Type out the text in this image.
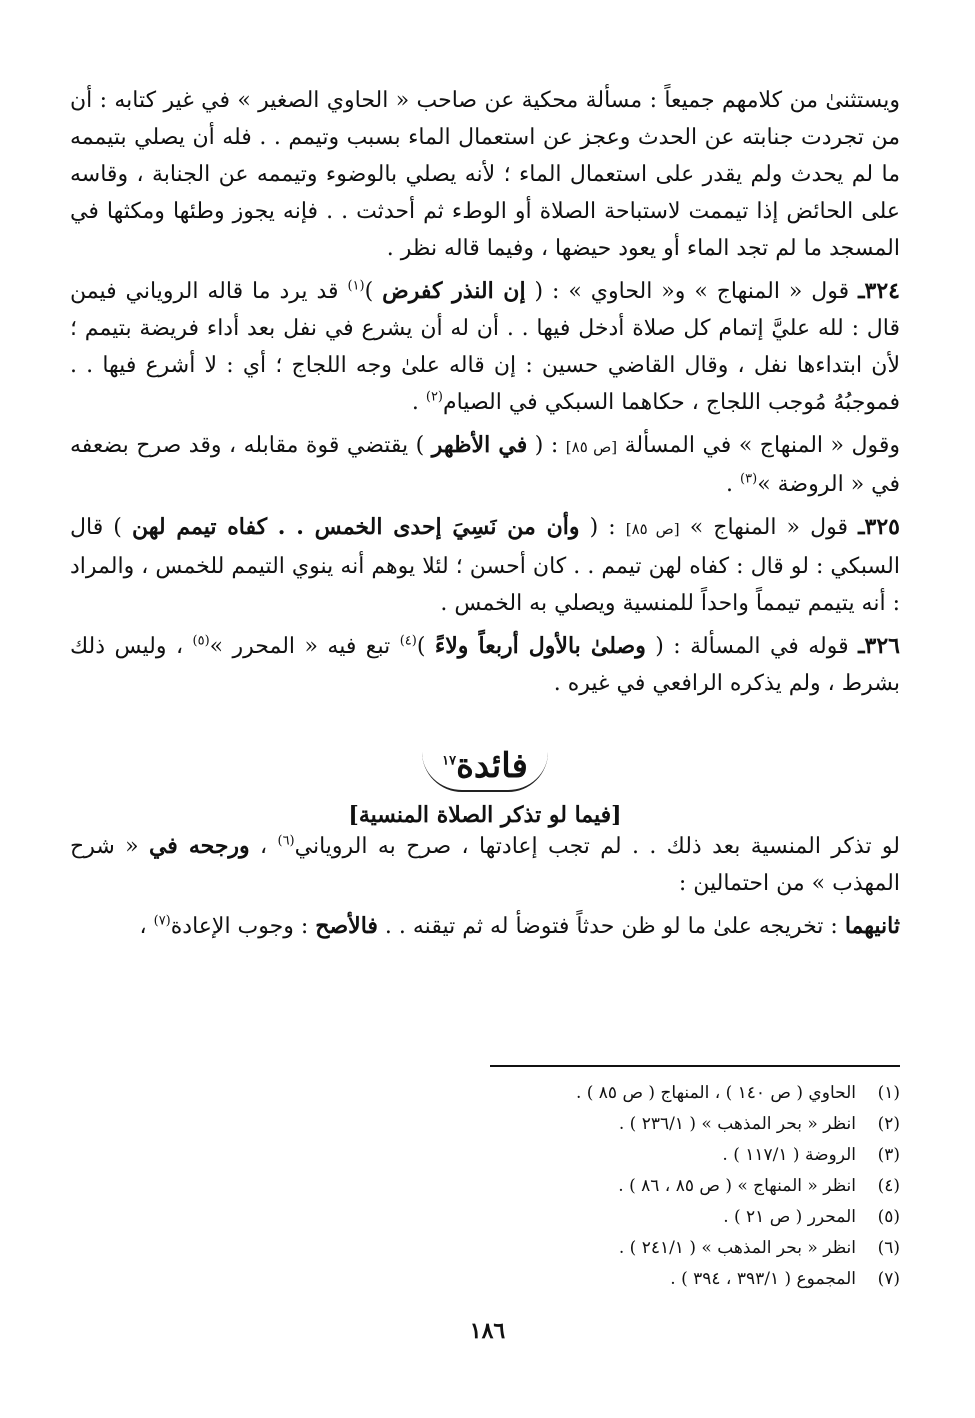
ويستثنىٰ من كلامهم جميعاً : مسألة محكية عن صاحب « الحاوي الصغير » في غير كتابه : أن من تجردت جنابته عن الحدث وعجز عن استعمال الماء بسبب وتيمم . . فله أن يصلي بتيممه ما لم يحدث ولم يقدر على استعمال الماء ؛ لأنه يصلي بالوضوء وتيممه عن الجنابة ، وقاسه على الحائض إذا تيممت لاستباحة الصلاة أو الوطء ثم أحدثت . . فإنه يجوز وطئها ومكثها في المسجد ما لم تجد الماء أو يعود حيضها ، وفيما قاله نظر .

٣٢٤ـ قول « المنهاج » و« الحاوي » : ( إن النذر كفرض )$^{(١)}$ قد يرد ما قاله الروياني فيمن قال : لله عليَّ إتمام كل صلاة أدخل فيها . . أن له أن يشرع في نفل بعد أداء فريضة بتيمم ؛ لأن ابتداءها نفل ، وقال القاضي حسين : إن قاله علىٰ وجه اللجاج ؛ أي : لا أشرع فيها . . فموجبُهُ مُوجب اللجاج ، حكاهما السبكي في الصيام$^{(٢)}$ .

وقول « المنهاج » في المسألة [ص ٨٥] : ( في الأظهر ) يقتضي قوة مقابله ، وقد صرح بضعفه في « الروضة »$^{(٣)}$ .

٣٢٥ـ قول « المنهاج » [ص ٨٥] : ( وأن من نَسِيَ إحدى الخمس . . كفاه تيمم لهن ) قال السبكي : لو قال : كفاه لهن تيمم . . كان أحسن ؛ لئلا يوهم أنه ينوي التيمم للخمس ، والمراد : أنه يتيمم تيمماً واحداً للمنسية ويصلي به الخمس .

٣٢٦ـ قوله في المسألة : ( وصلىٰ بالأول أربعاً ولاءً )$^{(٤)}$ تبع فيه « المحرر »$^{(٥)}$ ، وليس ذلك بشرط ، ولم يذكره الرافعي في غيره .

فائدة$^{١٧}$
[فيما لو تذكر الصلاة المنسية]

لو تذكر المنسية بعد ذلك . . لم تجب إعادتها ، صرح به الروياني$^{(٦)}$ ، ورجحه في « شرح المهذب » من احتمالين :

ثانيهما : تخريجه علىٰ ما لو ظن حدثاً فتوضأ له ثم تيقنه . . فالأصح : وجوب الإعادة$^{(٧)}$ ،

(١)الحاوي ( ص ١٤٠ ) ، المنهاج ( ص ٨٥ ) .
(٢)انظر « بحر المذهب » ( ٢٣٦/١ ) .
(٣)الروضة ( ١١٧/١ ) .
(٤)انظر « المنهاج » ( ص ٨٥ ، ٨٦ ) .
(٥)المحرر ( ص ٢١ ) .
(٦)انظر « بحر المذهب » ( ٢٤١/١ ) .
(٧)المجموع ( ٣٩٣/١ ، ٣٩٤ ) .
١٨٦
